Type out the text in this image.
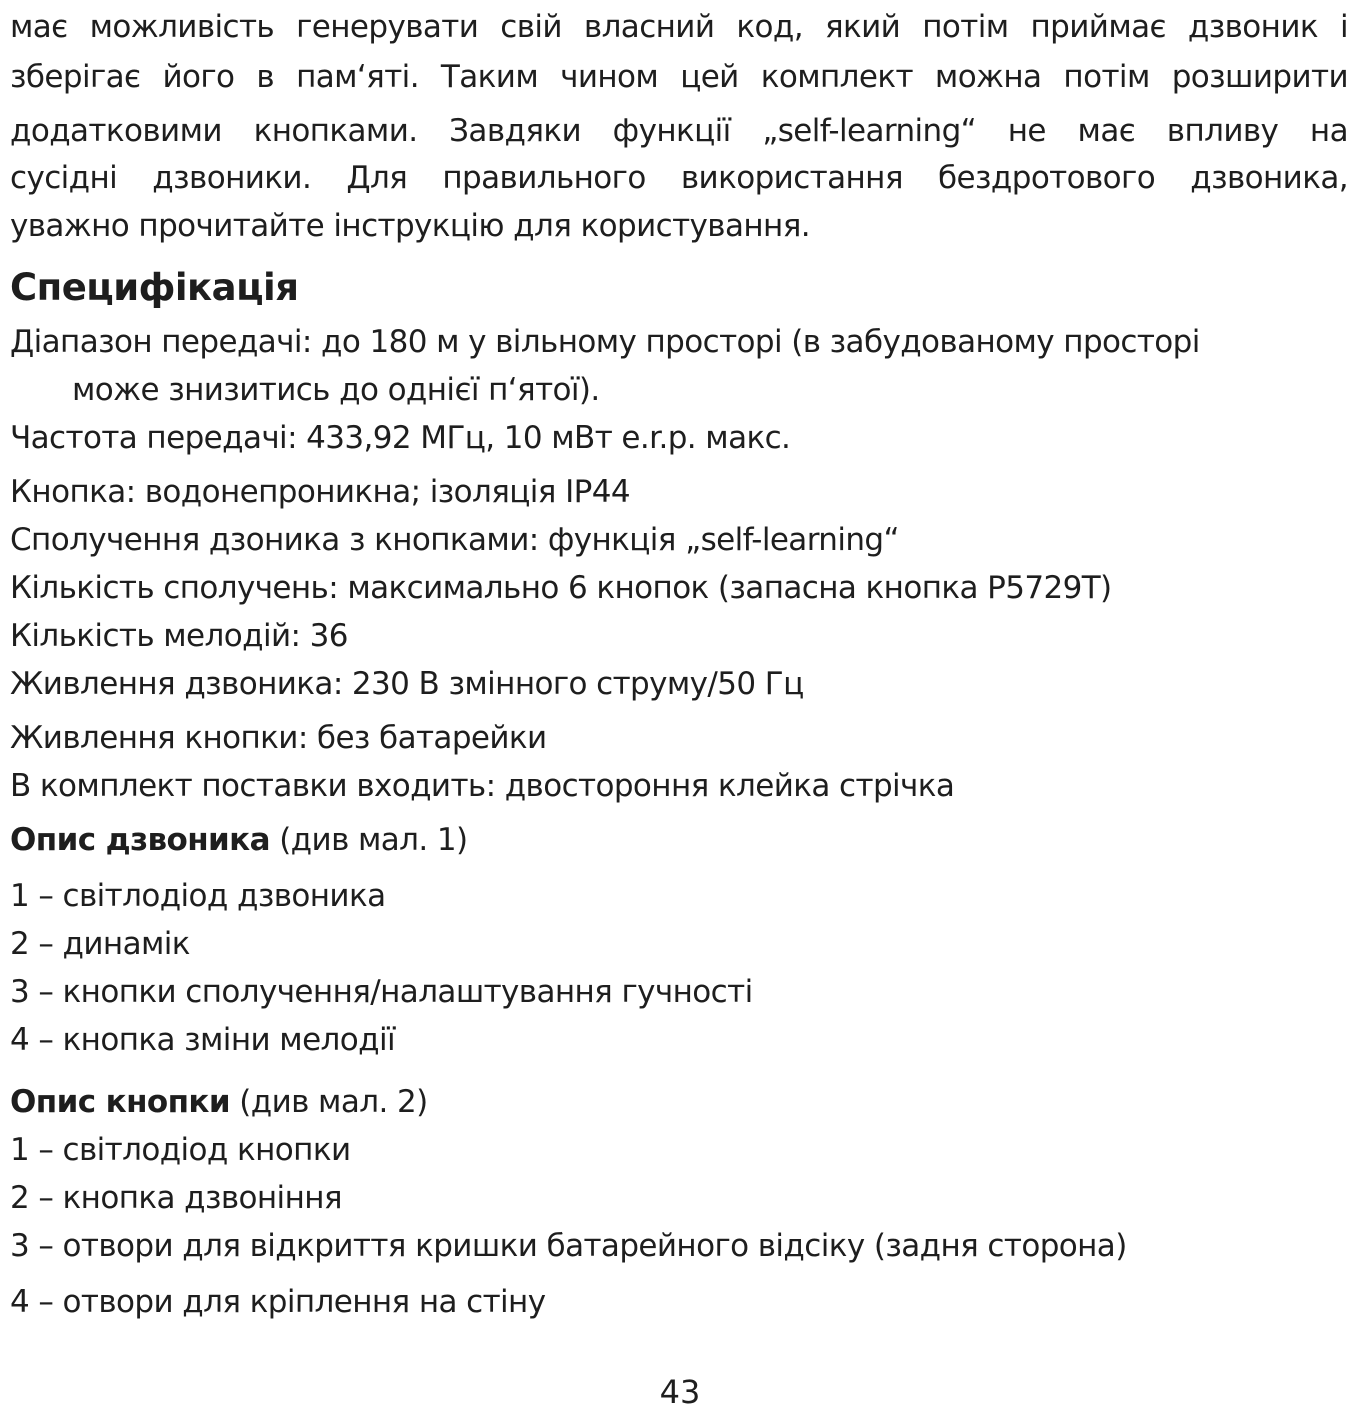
має можливість генерувати свій власний код, який потім приймає дзвоник і
зберігає його в пам‘яті. Таким чином цей комплект можна потім розширити
додатковими кнопками. Завдяки функції „self-learning“ не має впливу на
сусідні дзвоники. Для правильного використання бездротового дзвоника,
уважно прочитайте інструкцію для користування.
Специфікація
Діапазон передачі: до 180 м у вільному просторі (в забудованому просторі
може знизитись до однієї п‘ятої).
Частота передачі: 433,92 МГц, 10 мВт e.r.p. макс.
Кнопка: водонепроникна; ізоляція IP44
Сполучення дзоника з кнопками: функція „self-learning“
Кількість сполучень: максимально 6 кнопок (запасна кнопка P5729T)
Кількість мелодій: 36
Живлення дзвоника: 230 В змінного струму/50 Гц
Живлення кнопки: без батарейки
В комплект поставки входить: двостороння клейка стрічка
Опис дзвоника (див мал. 1)
1 – світлодіод дзвоника
2 – динамік
3 – кнопки сполучення/налаштування гучності
4 – кнопка зміни мелодії
Опис кнопки (див мал. 2)
1 – світлодіод кнопки
2 – кнопка дзвоніння
3 – отвори для відкриття кришки батарейного відсіку (задня сторона)
4 – отвори для кріплення на стіну
43
